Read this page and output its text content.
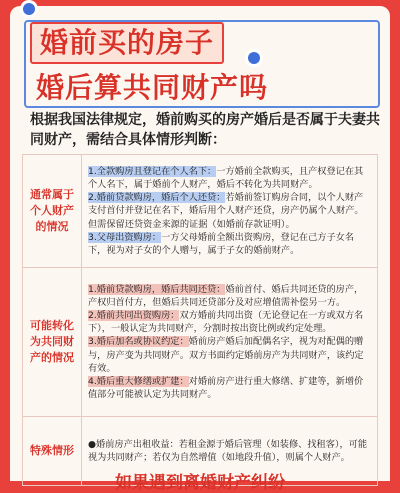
婚前买的房子
婚后算共同财产吗
根据我国法律规定，婚前购买的房产婚后是否属于夫妻共同财产，需结合具体情形判断：
通常属于个人财产的情况	1.全款购房且登记在个人名下：一方婚前全款购买，且产权登记在其个人名下，属于婚前个人财产，婚后不转化为共同财产。
2.婚前贷款购房，婚后个人还贷：若婚前签订购房合同，以个人财产支付首付并登记在名下，婚后用个人财产还贷，房产仍属个人财产。但需保留还贷资金来源的证据（如婚前存款证明）。
3.父母出资购房：一方父母婚前全额出资购房，登记在己方子女名下，视为对子女的个人赠与，属于子女的婚前财产。
可能转化为共同财产的情况	1.婚前贷款购房，婚后共同还贷：婚前首付、婚后共同还贷的房产，产权归首付方，但婚后共同还贷部分及对应增值需补偿另一方。
2.婚前共同出资购房：双方婚前共同出资（无论登记在一方或双方名下），一般认定为共同财产，分割时按出资比例或约定处理。
3.婚后加名或协议约定：婚前房产婚后加配偶名字，视为对配偶的赠与，房产变为共同财产。双方书面约定婚前房产为共同财产，该约定有效。
4.婚后重大修缮或扩建：对婚前房产进行重大修缮、扩建等，新增价值部分可能被认定为共同财产。
特殊情形	●婚前房产出租收益：若租金源于婚后管理（如装修、找租客），可能视为共同财产；若仅为自然增值（如地段升值），则属个人财产。
如果遇到离婚财产纠纷
